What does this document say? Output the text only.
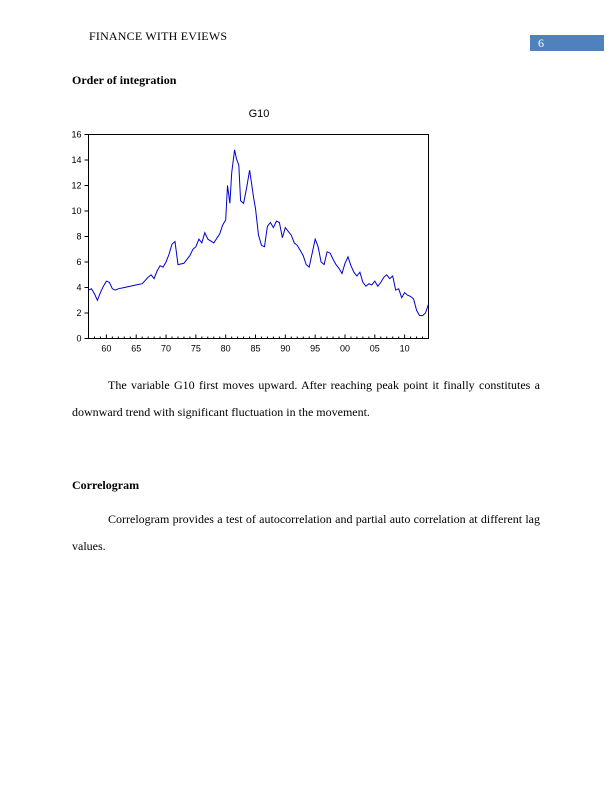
FINANCE WITH EVIEWS	6
Order of integration
G10
0
2
4
6
8
10
12
14
16
60 65 70 75 80 85 90 95 00 05 10
The variable G10 first moves upward. After reaching peak point it finally constitutes a downward trend with significant fluctuation in the movement.
Correlogram
Correlogram provides a test of autocorrelation and partial auto correlation at different lag values.
